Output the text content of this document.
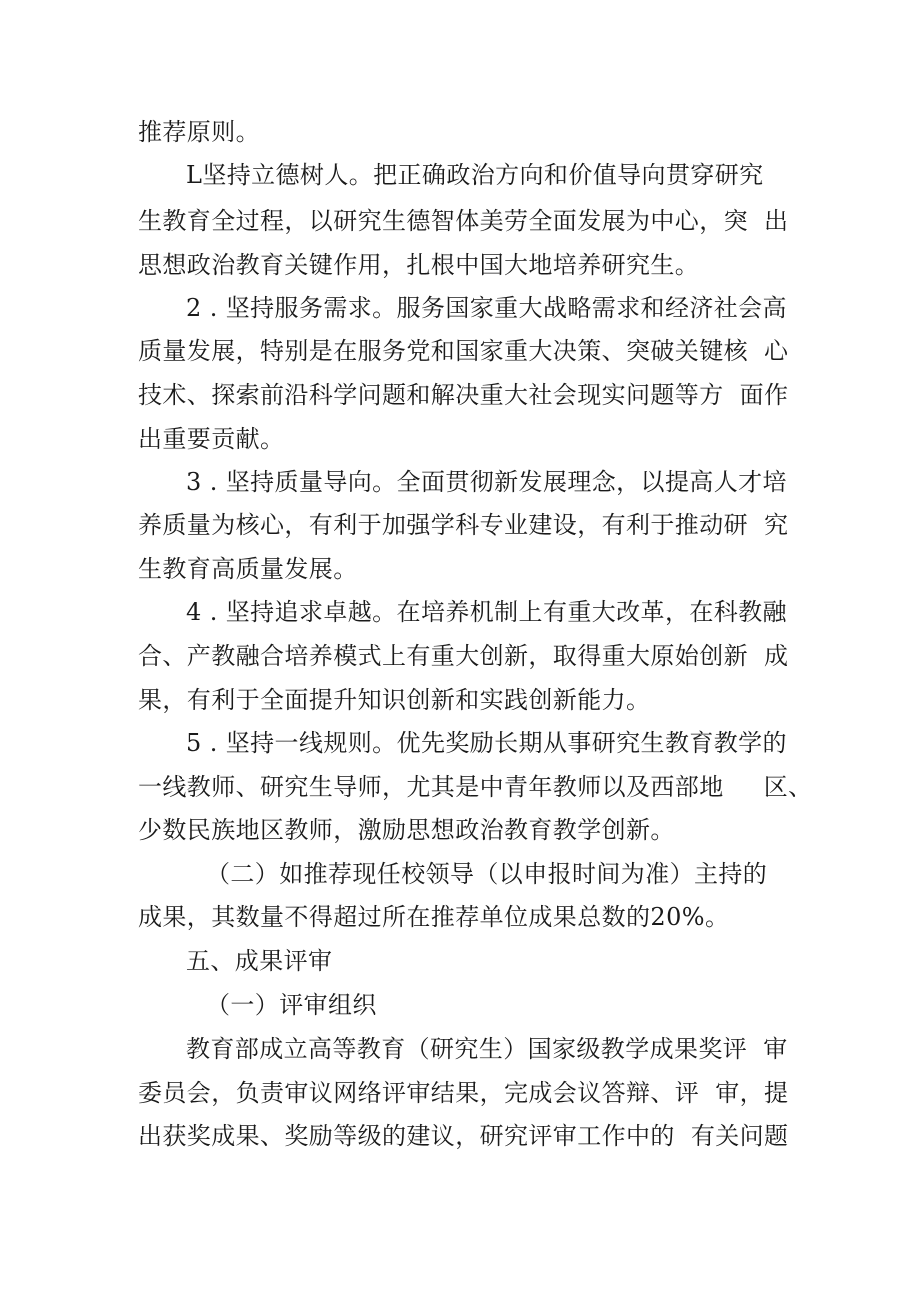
推荐原则。
L坚持立德树人。把正确政治方向和价值导向贯穿研究
生教育全过程，以研究生德智体美劳全面发展为中心，突  出
思想政治教育关键作用，扎根中国大地培养研究生。
2 . 坚持服务需求。服务国家重大战略需求和经济社会高
质量发展，特别是在服务党和国家重大决策、突破关键核  心
技术、探索前沿科学问题和解决重大社会现实问题等方  面作
出重要贡献。
3 . 坚持质量导向。全面贯彻新发展理念，以提高人才培
养质量为核心，有利于加强学科专业建设，有利于推动研  究
生教育高质量发展。
4 . 坚持追求卓越。在培养机制上有重大改革，在科教融
合、产教融合培养模式上有重大创新，取得重大原始创新  成
果，有利于全面提升知识创新和实践创新能力。
5 . 坚持一线规则。优先奖励长期从事研究生教育教学的
一线教师、研究生导师，尤其是中青年教师以及西部地     区、
少数民族地区教师，激励思想政治教育教学创新。
（二）如推荐现任校领导（以申报时间为准）主持的
成果，其数量不得超过所在推荐单位成果总数的20%。
五、成果评审
（一）评审组织
教育部成立高等教育（研究生）国家级教学成果奖评  审
委员会，负责审议网络评审结果，完成会议答辩、评  审，提
出获奖成果、奖励等级的建议，研究评审工作中的  有关问题
